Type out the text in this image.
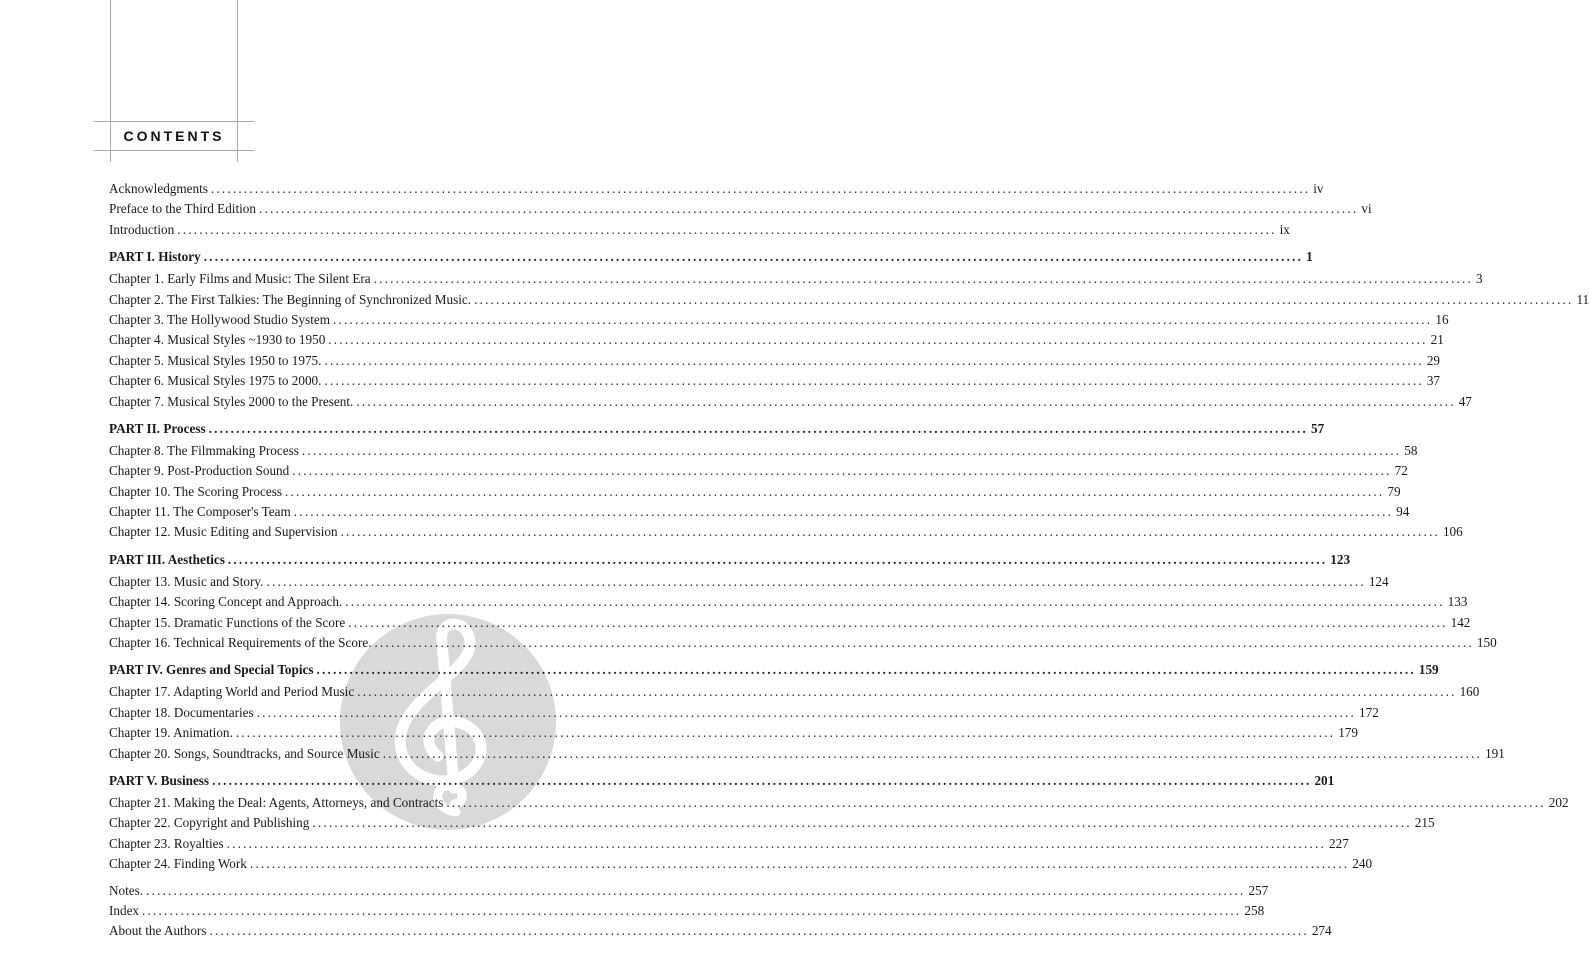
CONTENTS
Acknowledgments ........................................................................................................................................................................................................ iv
Preface to the Third Edition ........................................................................................................................................................................................................ vi
Introduction ........................................................................................................................................................................................................ ix
PART I. History ........................................................................................................................................................................................................ 1
Chapter 1. Early Films and Music: The Silent Era ........................................................................................................................................................................................................ 3
Chapter 2. The First Talkies: The Beginning of Synchronized Music. ........................................................................................................................................................................................................ 11
Chapter 3. The Hollywood Studio System ........................................................................................................................................................................................................ 16
Chapter 4. Musical Styles ~1930 to 1950 ........................................................................................................................................................................................................ 21
Chapter 5. Musical Styles 1950 to 1975. ........................................................................................................................................................................................................ 29
Chapter 6. Musical Styles 1975 to 2000. ........................................................................................................................................................................................................ 37
Chapter 7. Musical Styles 2000 to the Present. ........................................................................................................................................................................................................ 47
PART II. Process ........................................................................................................................................................................................................ 57
Chapter 8. The Filmmaking Process ........................................................................................................................................................................................................ 58
Chapter 9. Post-Production Sound ........................................................................................................................................................................................................ 72
Chapter 10. The Scoring Process ........................................................................................................................................................................................................ 79
Chapter 11. The Composer's Team ........................................................................................................................................................................................................ 94
Chapter 12. Music Editing and Supervision ........................................................................................................................................................................................................ 106
PART III. Aesthetics ........................................................................................................................................................................................................ 123
Chapter 13. Music and Story. ........................................................................................................................................................................................................ 124
Chapter 14. Scoring Concept and Approach. ........................................................................................................................................................................................................ 133
Chapter 15. Dramatic Functions of the Score ........................................................................................................................................................................................................ 142
Chapter 16. Technical Requirements of the Score. ........................................................................................................................................................................................................ 150
PART IV. Genres and Special Topics ........................................................................................................................................................................................................ 159
Chapter 17. Adapting World and Period Music ........................................................................................................................................................................................................ 160
Chapter 18. Documentaries ........................................................................................................................................................................................................ 172
Chapter 19. Animation. ........................................................................................................................................................................................................ 179
Chapter 20. Songs, Soundtracks, and Source Music ........................................................................................................................................................................................................ 191
PART V. Business ........................................................................................................................................................................................................ 201
Chapter 21. Making the Deal: Agents, Attorneys, and Contracts ........................................................................................................................................................................................................ 202
Chapter 22. Copyright and Publishing ........................................................................................................................................................................................................ 215
Chapter 23. Royalties ........................................................................................................................................................................................................ 227
Chapter 24. Finding Work ........................................................................................................................................................................................................ 240
Notes. ........................................................................................................................................................................................................ 257
Index ........................................................................................................................................................................................................ 258
About the Authors ........................................................................................................................................................................................................ 274
